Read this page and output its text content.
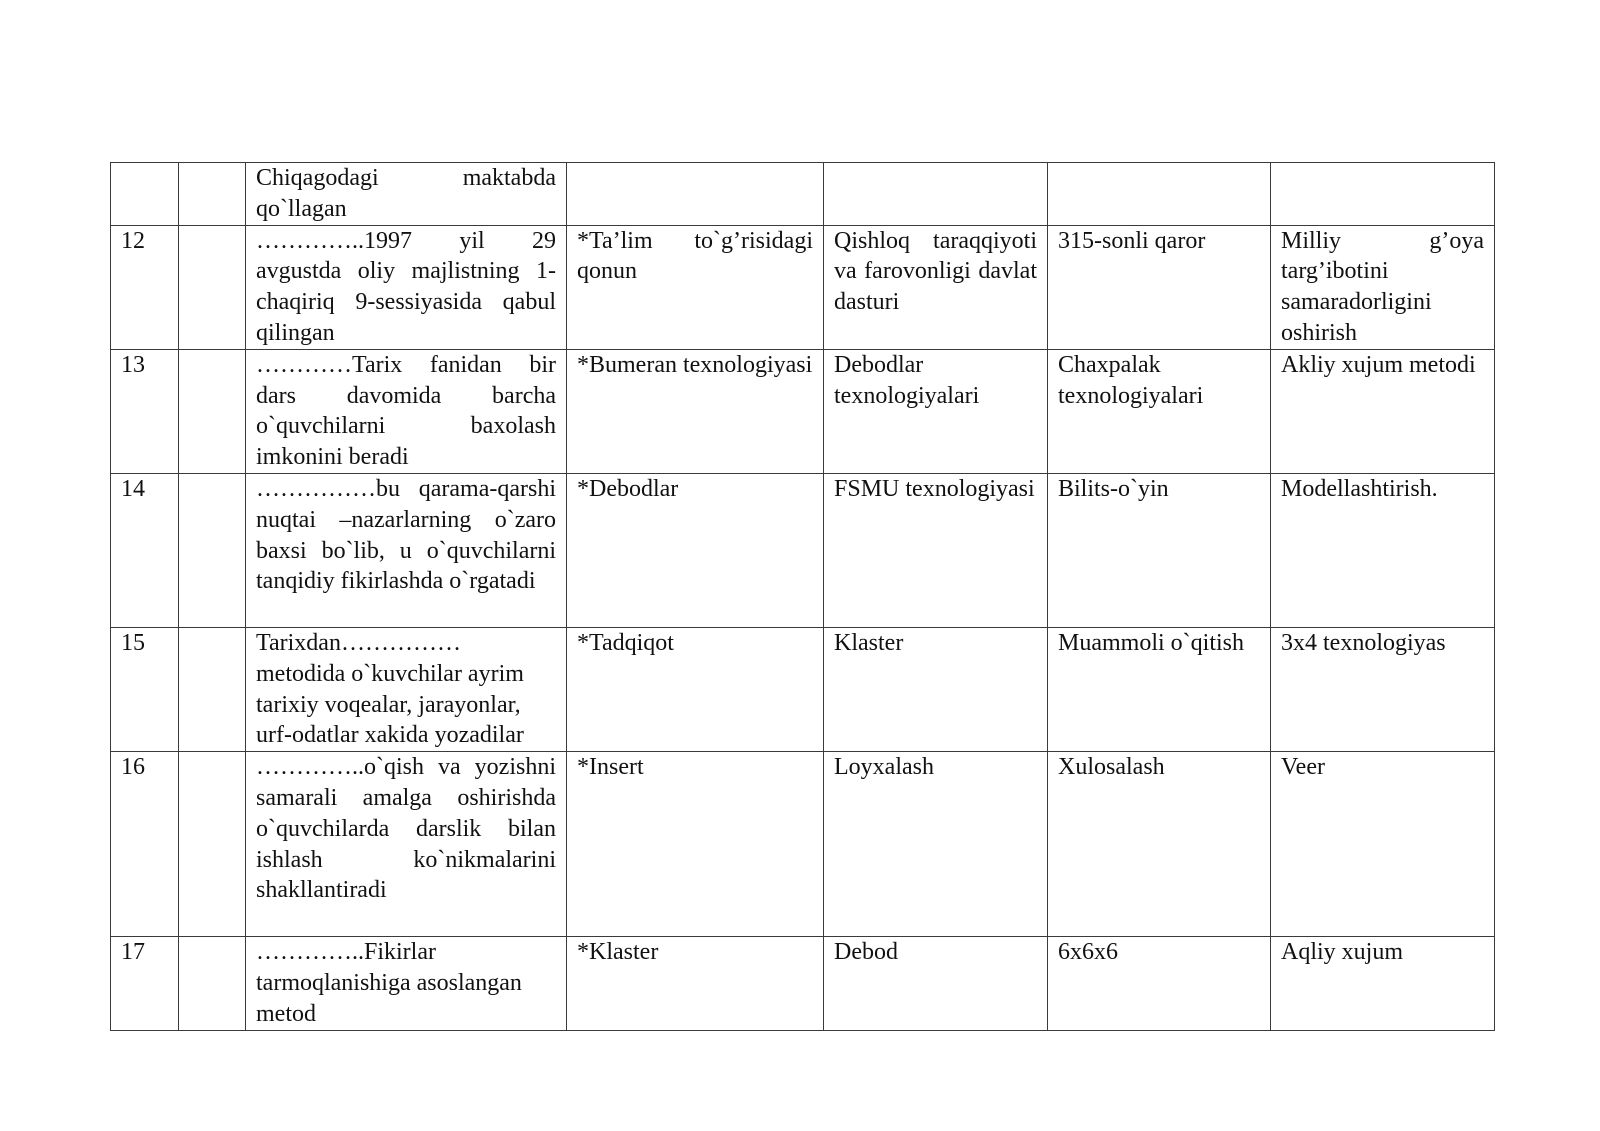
		Chiqagodagi maktabda qo`llagan				

12		…………..1997 yil 29 avgustda oliy majlistning 1-chaqiriq 9-sessiyasida qabul qilingan	*Ta’lim to`g’risidagi qonun	Qishloq taraqqiyoti va farovonligi davlat dasturi	315-sonli qaror	Milliy g’oya targ’ibotini samaradorligini oshirish

13		…………Tarix fanidan bir dars davomida barcha o`quvchilarni baxolash imkonini beradi	*Bumeran texnologiyasi	Debodlar texnologiyalari	Chaxpalak texnologiyalari	Akliy xujum metodi

14		……………bu qarama-qarshi nuqtai –nazarlarning o`zaro baxsi bo`lib, u o`quvchilarni tanqidiy fikirlashda o`rgatadi	*Debodlar	FSMU texnologiyasi	Bilits-o`yin	Modellashtirish.

15		Tarixdan…………… metodida o`kuvchilar ayrim tarixiy voqealar, jarayonlar, urf-odatlar xakida yozadilar	*Tadqiqot	Klaster	Muammoli o`qitish	3x4 texnologiyas

16		…………..o`qish va yozishni samarali amalga oshirishda o`quvchilarda darslik bilan ishlash ko`nikmalarini shakllantiradi	*Insert	Loyxalash	Xulosalash	Veer

17		…………..Fikirlar tarmoqlanishiga asoslangan metod	*Klaster	Debod	6x6x6	Aqliy xujum
